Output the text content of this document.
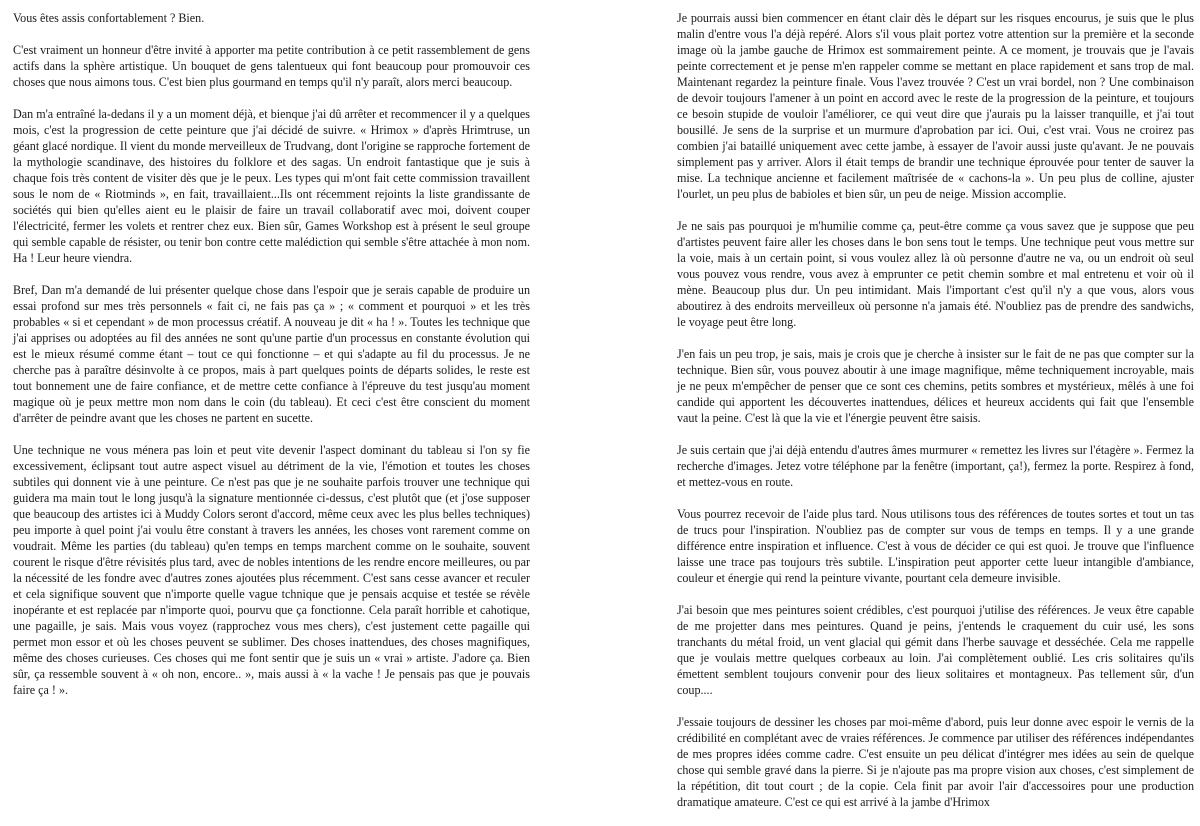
Vous êtes assis confortablement ? Bien.

C'est vraiment un honneur d'être invité à apporter ma petite contribution à ce petit rassemblement de gens actifs dans la sphère artistique. Un bouquet de gens talentueux qui font beaucoup pour promouvoir ces choses que nous aimons tous. C'est bien plus gourmand en temps qu'il n'y paraît, alors merci beaucoup.

Dan m'a entraîné la-dedans il y a un moment déjà, et bienque j'ai dû arrêter et recommencer il y a quelques mois, c'est la progression de cette peinture que j'ai décidé de suivre. « Hrimox » d'après Hrimtruse, un géant glacé nordique. Il vient du monde merveilleux de Trudvang, dont l'origine se rapproche fortement de la mythologie scandinave, des histoires du folklore et des sagas. Un endroit fantastique que je suis à chaque fois très content de visiter dès que je le peux. Les types qui m'ont fait cette commission travaillent sous le nom de « Riotminds », en fait, travaillaient...Ils ont récemment rejoints la liste grandissante de sociétés qui bien qu'elles aient eu le plaisir de faire un travail collaboratif avec moi, doivent couper l'électricité, fermer les volets et rentrer chez eux. Bien sûr, Games Workshop est à présent le seul groupe qui semble capable de résister, ou tenir bon contre cette malédiction qui semble s'être attachée à mon nom. Ha ! Leur heure viendra.

Bref, Dan m'a demandé de lui présenter quelque chose dans l'espoir que je serais capable de produire un essai profond sur mes très personnels « fait ci, ne fais pas ça » ; « comment et pourquoi » et les très probables « si et cependant » de mon processus créatif. A nouveau je dit « ha ! ». Toutes les technique que j'ai apprises ou adoptées au fil des années ne sont qu'une partie d'un processus en constante évolution qui est le mieux résumé comme étant – tout ce qui fonctionne – et qui s'adapte au fil du processus. Je ne cherche pas à paraître désinvolte à ce propos, mais à part quelques points de départs solides, le reste est tout bonnement une de faire confiance, et de mettre cette confiance à l'épreuve du test jusqu'au moment magique où je peux mettre mon nom dans le coin (du tableau). Et ceci c'est être conscient du moment d'arrêter de peindre avant que les choses ne partent en sucette.

Une technique ne vous ménera pas loin et peut vite devenir l'aspect dominant du tableau si l'on sy fie excessivement, éclipsant tout autre aspect visuel au détriment de la vie, l'émotion et toutes les choses subtiles qui donnent vie à une peinture. Ce n'est pas que je ne souhaite parfois trouver une technique qui guidera ma main tout le long jusqu'à la signature mentionnée ci-dessus, c'est plutôt que (et j'ose supposer que beaucoup des artistes ici à Muddy Colors seront d'accord, même ceux avec les plus belles techniques) peu importe à quel point j'ai voulu être constant à travers les années, les choses vont rarement comme on voudrait. Même les parties (du tableau) qu'en temps en temps marchent comme on le souhaite, souvent courent le risque d'être révisités plus tard, avec de nobles intentions de les rendre encore meilleures, ou par la nécessité de les fondre avec d'autres zones ajoutées plus récemment. C'est sans cesse avancer et reculer et cela signifique souvent que n'importe quelle vague tchnique que je pensais acquise et testée se révèle inopérante et est replacée par n'importe quoi, pourvu que ça fonctionne. Cela paraît horrible et cahotique, une pagaille, je sais. Mais vous voyez (rapprochez vous mes chers), c'est justement cette pagaille qui permet mon essor et où les choses peuvent se sublimer. Des choses inattendues, des choses magnifiques, même des choses curieuses. Ces choses qui me font sentir que je suis un « vrai » artiste. J'adore ça. Bien sûr, ça ressemble souvent à « oh non, encore.. », mais aussi à « la vache ! Je pensais pas que je pouvais faire ça ! ».

Je pourrais aussi bien commencer en étant clair dès le départ sur les risques encourus, je suis que le plus malin d'entre vous l'a déjà repéré. Alors s'il vous plait portez votre attention sur la première et la seconde image où la jambe gauche de Hrimox est sommairement peinte. A ce moment, je trouvais que je l'avais peinte correctement et je pense m'en rappeler comme se mettant en place rapidement et sans trop de mal. Maintenant regardez la peinture finale. Vous l'avez trouvée ? C'est un vrai bordel, non ? Une combinaison de devoir toujours l'amener à un point en accord avec le reste de la progression de la peinture, et toujours ce besoin stupide de vouloir l'améliorer, ce qui veut dire que j'aurais pu la laisser tranquille, et j'ai tout bousillé. Je sens de la surprise et un murmure d'aprobation par ici. Oui, c'est vrai. Vous ne croirez pas combien j'ai bataillé uniquement avec cette jambe, à essayer de l'avoir aussi juste qu'avant. Je ne pouvais simplement pas y arriver. Alors il était temps de brandir une technique éprouvée pour tenter de sauver la mise. La technique ancienne et facilement maîtrisée de « cachons-la ». Un peu plus de colline, ajuster l'ourlet, un peu plus de babioles et bien sûr, un peu de neige. Mission accomplie.

Je ne sais pas pourquoi je m'humilie comme ça, peut-être comme ça vous savez que je suppose que peu d'artistes peuvent faire aller les choses dans le bon sens tout le temps. Une technique peut vous mettre sur la voie, mais à un certain point, si vous voulez allez là où personne d'autre ne va, ou un endroit où seul vous pouvez vous rendre, vous avez à emprunter ce petit chemin sombre et mal entretenu et voir où il mène. Beaucoup plus dur. Un peu intimidant. Mais l'important c'est qu'il n'y a que vous, alors vous aboutirez à des endroits merveilleux où personne n'a jamais été. N'oubliez pas de prendre des sandwichs, le voyage peut être long.

J'en fais un peu trop, je sais, mais je crois que je cherche à insister sur le fait de ne pas que compter sur la technique. Bien sûr, vous pouvez aboutir à une image magnifique, même techniquement incroyable, mais je ne peux m'empêcher de penser que ce sont ces chemins, petits sombres et mystérieux, mêlés à une foi candide qui apportent les découvertes inattendues, délices et heureux accidents qui fait que l'ensemble vaut la peine. C'est là que la vie et l'énergie peuvent être saisis.

Je suis certain que j'ai déjà entendu d'autres âmes murmurer « remettez les livres sur l'étagère ». Fermez la recherche d'images. Jetez votre téléphone par la fenêtre (important, ça!), fermez la porte. Respirez à fond, et mettez-vous en route.

Vous pourrez recevoir de l'aide plus tard. Nous utilisons tous des références de toutes sortes et tout un tas de trucs pour l'inspiration. N'oubliez pas de compter sur vous de temps en temps. Il y a une grande différence entre inspiration et influence. C'est à vous de décider ce qui est quoi. Je trouve que l'influence laisse une trace pas toujours très subtile. L'inspiration peut apporter cette lueur intangible d'ambiance, couleur et énergie qui rend la peinture vivante, pourtant cela demeure invisible.

J'ai besoin que mes peintures soient crédibles, c'est pourquoi j'utilise des références. Je veux être capable de me projetter dans mes peintures. Quand je peins, j'entends le craquement du cuir usé, les sons tranchants du métal froid, un vent glacial qui gémit dans l'herbe sauvage et desséchée. Cela me rappelle que je voulais mettre quelques corbeaux au loin. J'ai complètement oublié. Les cris solitaires qu'ils émettent semblent toujours convenir pour des lieux solitaires et montagneux. Pas tellement sûr, d'un coup....

J'essaie toujours de dessiner les choses par moi-même d'abord, puis leur donne avec espoir le vernis de la crédibilité en complétant avec de vraies références. Je commence par utiliser des références indépendantes de mes propres idées comme cadre. C'est ensuite un peu délicat d'intégrer mes idées au sein de quelque chose qui semble gravé dans la pierre. Si je n'ajoute pas ma propre vision aux choses, c'est simplement de la répétition, dit tout court ; de la copie. Cela finit par avoir l'air d'accessoires pour une production dramatique amateure. C'est ce qui est arrivé à la jambe d'Hrimox
